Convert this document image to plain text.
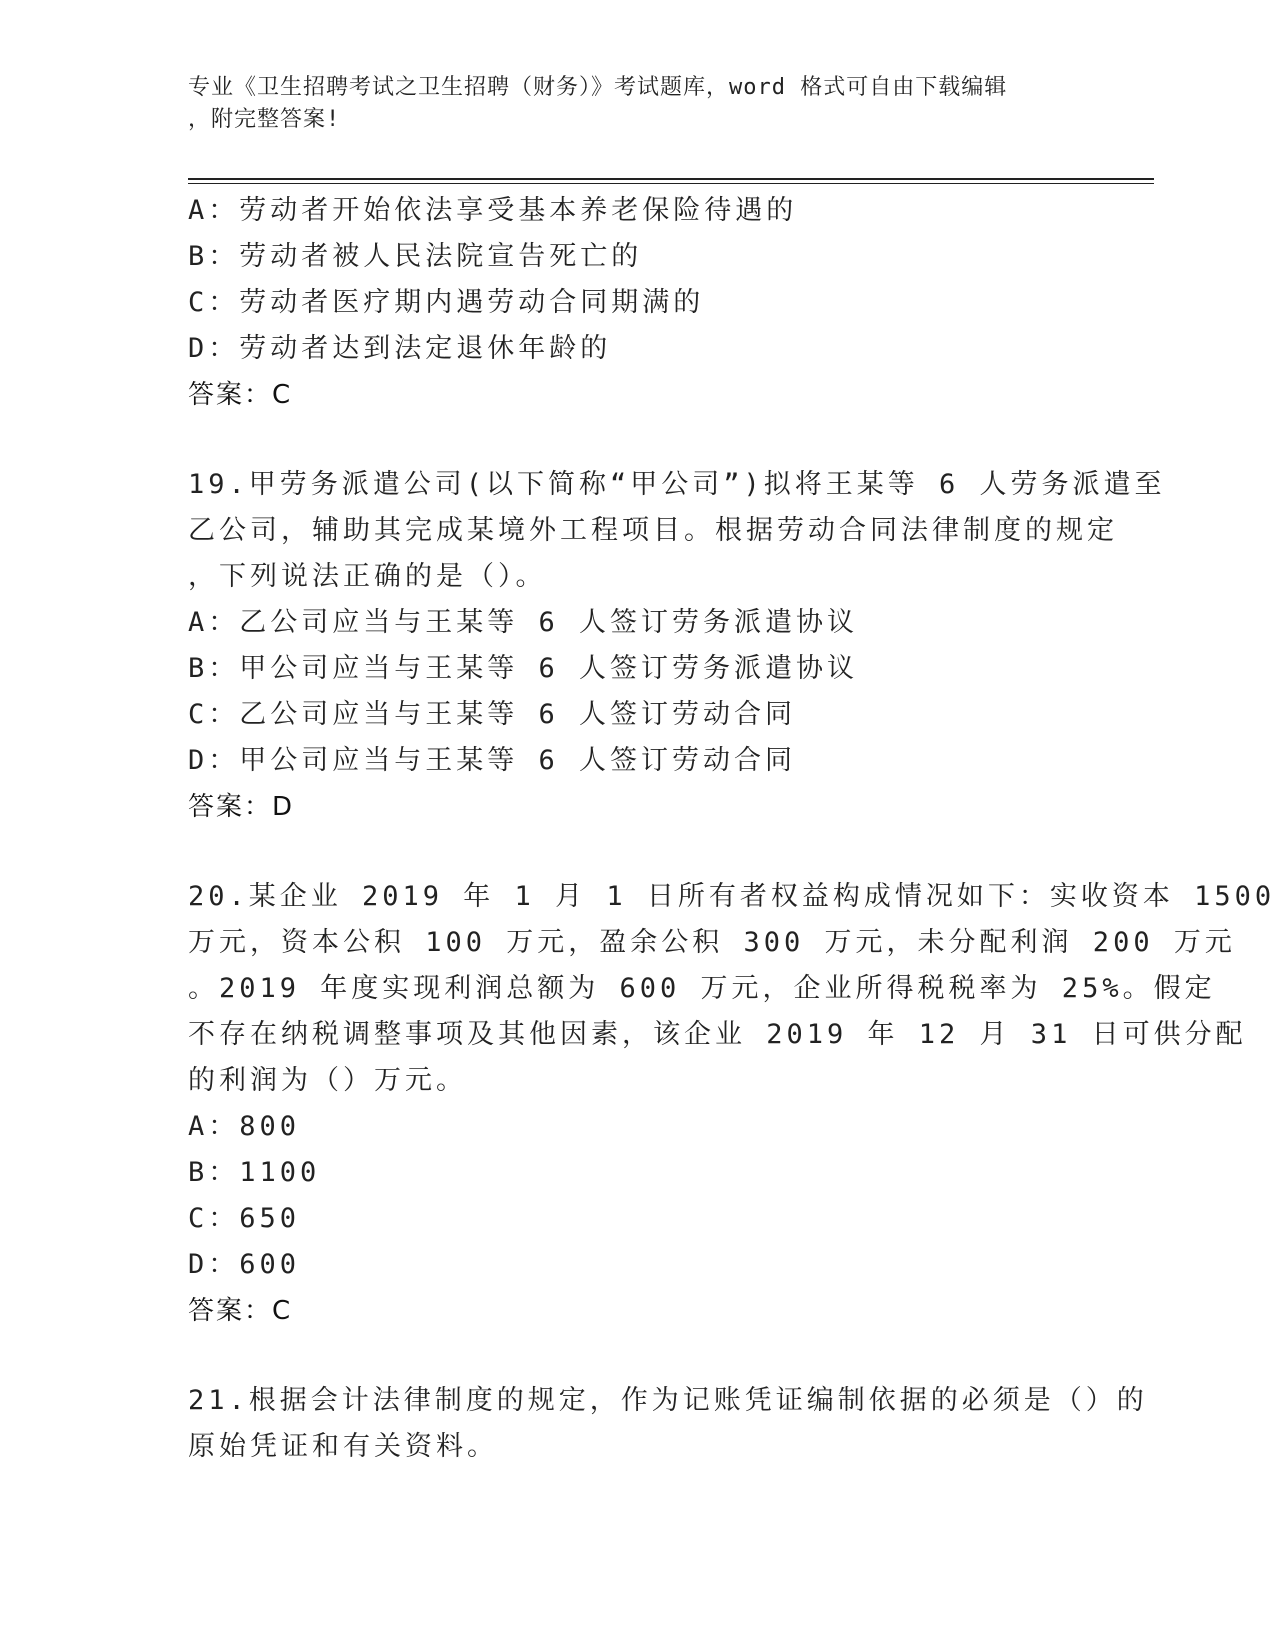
专业《卫生招聘考试之卫生招聘（财务）》考试题库，word 格式可自由下载编辑
，附完整答案!
A：劳动者开始依法享受基本养老保险待遇的
B：劳动者被人民法院宣告死亡的
C：劳动者医疗期内遇劳动合同期满的
D：劳动者达到法定退休年龄的
答案：C
19.甲劳务派遣公司(以下简称“甲公司”)拟将王某等 6 人劳务派遣至
乙公司，辅助其完成某境外工程项目。根据劳动合同法律制度的规定
，下列说法正确的是（）。
A：乙公司应当与王某等 6 人签订劳务派遣协议
B：甲公司应当与王某等 6 人签订劳务派遣协议
C：乙公司应当与王某等 6 人签订劳动合同
D：甲公司应当与王某等 6 人签订劳动合同
答案：D
20.某企业 2019 年 1 月 1 日所有者权益构成情况如下：实收资本 1500
万元，资本公积 100 万元，盈余公积 300 万元，未分配利润 200 万元
。2019 年度实现利润总额为 600 万元，企业所得税税率为 25%。假定
不存在纳税调整事项及其他因素，该企业 2019 年 12 月 31 日可供分配
的利润为（）万元。
A：800
B：1100
C：650
D：600
答案：C
21.根据会计法律制度的规定，作为记账凭证编制依据的必须是（）的
原始凭证和有关资料。
